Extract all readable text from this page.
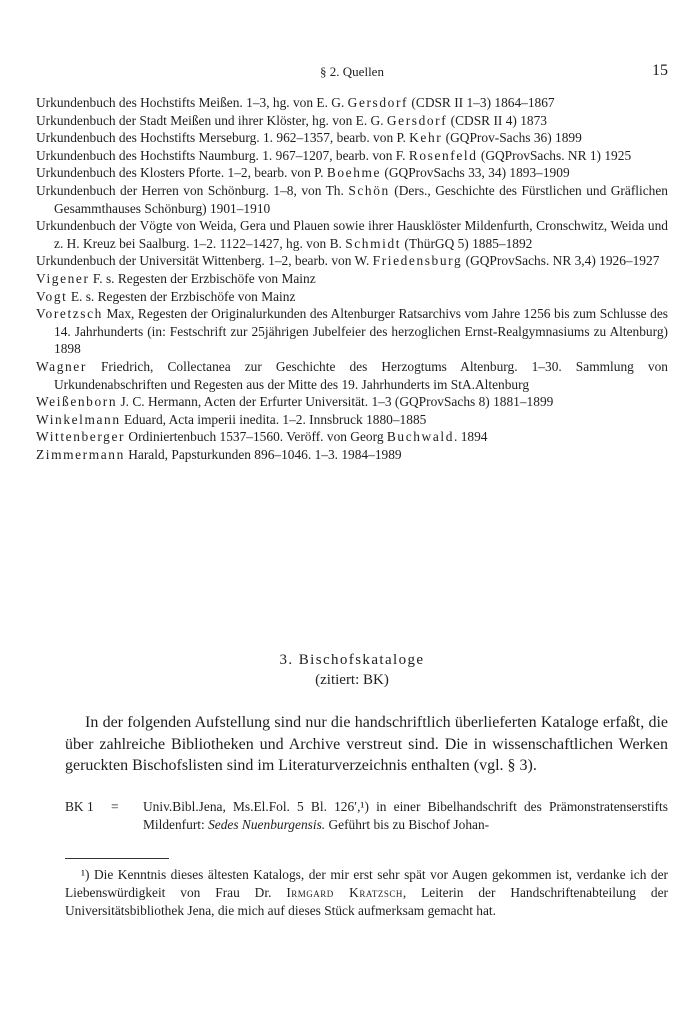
§ 2. Quellen	15
Urkundenbuch des Hochstifts Meißen. 1–3, hg. von E. G. Gersdorf (CDSR II 1–3) 1864–1867
Urkundenbuch der Stadt Meißen und ihrer Klöster, hg. von E. G. Gersdorf (CDSR II 4) 1873
Urkundenbuch des Hochstifts Merseburg. 1. 962–1357, bearb. von P. Kehr (GQProv-Sachs 36) 1899
Urkundenbuch des Hochstifts Naumburg. 1. 967–1207, bearb. von F. Rosenfeld (GQProvSachs. NR 1) 1925
Urkundenbuch des Klosters Pforte. 1–2, bearb. von P. Boehme (GQProvSachs 33, 34) 1893–1909
Urkundenbuch der Herren von Schönburg. 1–8, von Th. Schön (Ders., Geschichte des Fürstlichen und Gräflichen Gesammthauses Schönburg) 1901–1910
Urkundenbuch der Vögte von Weida, Gera und Plauen sowie ihrer Hausklöster Mildenfurth, Cronschwitz, Weida und z. H. Kreuz bei Saalburg. 1–2. 1122–1427, hg. von B. Schmidt (ThürGQ 5) 1885–1892
Urkundenbuch der Universität Wittenberg. 1–2, bearb. von W. Friedensburg (GQProvSachs. NR 3,4) 1926–1927
Vigener F. s. Regesten der Erzbischöfe von Mainz
Vogt E. s. Regesten der Erzbischöfe von Mainz
Voretzsch Max, Regesten der Originalurkunden des Altenburger Ratsarchivs vom Jahre 1256 bis zum Schlusse des 14. Jahrhunderts (in: Festschrift zur 25jährigen Jubelfeier des herzoglichen Ernst-Realgymnasiums zu Altenburg) 1898
Wagner Friedrich, Collectanea zur Geschichte des Herzogtums Altenburg. 1–30. Sammlung von Urkundenabschriften und Regesten aus der Mitte des 19. Jahrhunderts im StA.Altenburg
Weißenborn J. C. Hermann, Acten der Erfurter Universität. 1–3 (GQProvSachs 8) 1881–1899
Winkelmann Eduard, Acta imperii inedita. 1–2. Innsbruck 1880–1885
Wittenberger Ordiniertenbuch 1537–1560. Veröff. von Georg Buchwald. 1894
Zimmermann Harald, Papsturkunden 896–1046. 1–3. 1984–1989
3. Bischofskataloge
(zitiert: BK)

In der folgenden Aufstellung sind nur die handschriftlich überlieferten Kataloge erfaßt, die über zahlreiche Bibliotheken und Archive verstreut sind. Die in wissenschaftlichen Werken geruckten Bischofslisten sind im Literaturverzeichnis enthalten (vgl. § 3).

BK 1 = Univ.Bibl.Jena, Ms.El.Fol. 5 Bl. 126′,¹) in einer Bibelhandschrift des Prämonstratenserstifts Mildenfurt: Sedes Nuenburgensis. Geführt bis zu Bischof Johan-

¹) Die Kenntnis dieses ältesten Katalogs, der mir erst sehr spät vor Augen gekommen ist, verdanke ich der Liebenswürdigkeit von Frau Dr. Irmgard Kratzsch, Leiterin der Handschriftenabteilung der Universitätsbibliothek Jena, die mich auf dieses Stück aufmerksam gemacht hat.
